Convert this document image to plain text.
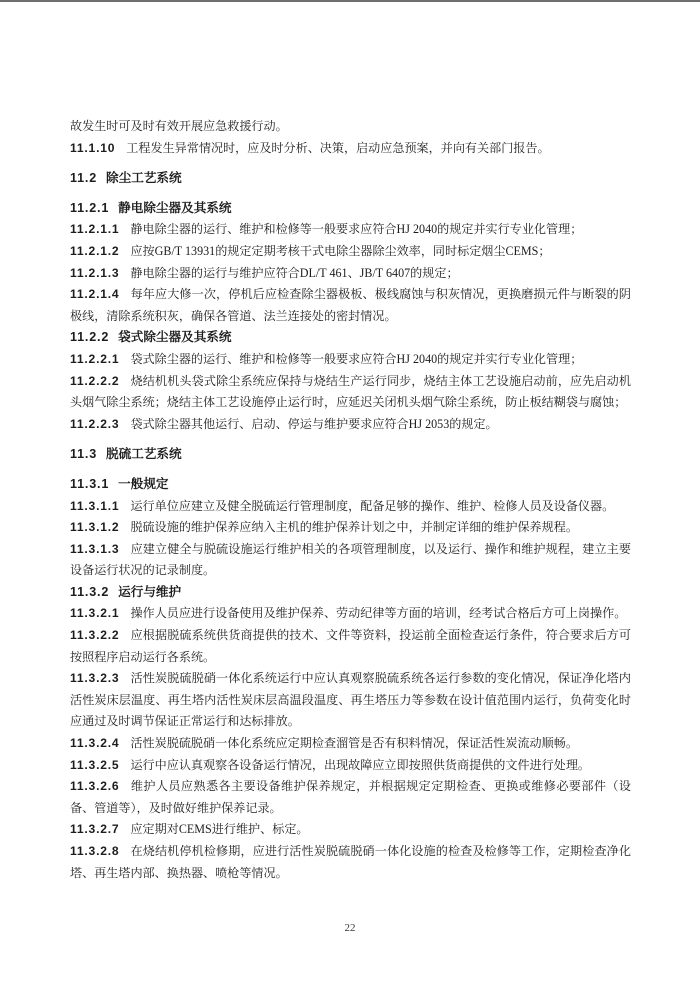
故发生时可及时有效开展应急救援行动。

11.1.10 工程发生异常情况时，应及时分析、决策，启动应急预案，并向有关部门报告。

11.2 除尘工艺系统

11.2.1 静电除尘器及其系统

11.2.1.1 静电除尘器的运行、维护和检修等一般要求应符合HJ 2040的规定并实行专业化管理；

11.2.1.2 应按GB/T 13931的规定定期考核干式电除尘器除尘效率，同时标定烟尘CEMS；

11.2.1.3 静电除尘器的运行与维护应符合DL/T 461、JB/T 6407的规定；

11.2.1.4 每年应大修一次，停机后应检查除尘器极板、极线腐蚀与积灰情况，更换磨损元件与断裂的阴极线，清除系统积灰，确保各管道、法兰连接处的密封情况。

11.2.2 袋式除尘器及其系统

11.2.2.1 袋式除尘器的运行、维护和检修等一般要求应符合HJ 2040的规定并实行专业化管理；

11.2.2.2 烧结机机头袋式除尘系统应保持与烧结生产运行同步，烧结主体工艺设施启动前，应先启动机头烟气除尘系统；烧结主体工艺设施停止运行时，应延迟关闭机头烟气除尘系统，防止板结糊袋与腐蚀；

11.2.2.3 袋式除尘器其他运行、启动、停运与维护要求应符合HJ 2053的规定。

11.3 脱硫工艺系统

11.3.1 一般规定

11.3.1.1 运行单位应建立及健全脱硫运行管理制度，配备足够的操作、维护、检修人员及设备仪器。

11.3.1.2 脱硫设施的维护保养应纳入主机的维护保养计划之中，并制定详细的维护保养规程。

11.3.1.3 应建立健全与脱硫设施运行维护相关的各项管理制度，以及运行、操作和维护规程，建立主要设备运行状况的记录制度。

11.3.2 运行与维护

11.3.2.1 操作人员应进行设备使用及维护保养、劳动纪律等方面的培训，经考试合格后方可上岗操作。

11.3.2.2 应根据脱硫系统供货商提供的技术、文件等资料，投运前全面检查运行条件，符合要求后方可按照程序启动运行各系统。

11.3.2.3 活性炭脱硫脱硝一体化系统运行中应认真观察脱硫系统各运行参数的变化情况，保证净化塔内活性炭床层温度、再生塔内活性炭床层高温段温度、再生塔压力等参数在设计值范围内运行，负荷变化时应通过及时调节保证正常运行和达标排放。

11.3.2.4 活性炭脱硫脱硝一体化系统应定期检查溜管是否有积料情况，保证活性炭流动顺畅。

11.3.2.5 运行中应认真观察各设备运行情况，出现故障应立即按照供货商提供的文件进行处理。

11.3.2.6 维护人员应熟悉各主要设备维护保养规定，并根据规定定期检查、更换或维修必要部件（设备、管道等），及时做好维护保养记录。

11.3.2.7 应定期对CEMS进行维护、标定。

11.3.2.8 在烧结机停机检修期，应进行活性炭脱硫脱硝一体化设施的检查及检修等工作，定期检查净化塔、再生塔内部、换热器、喷枪等情况。

22
